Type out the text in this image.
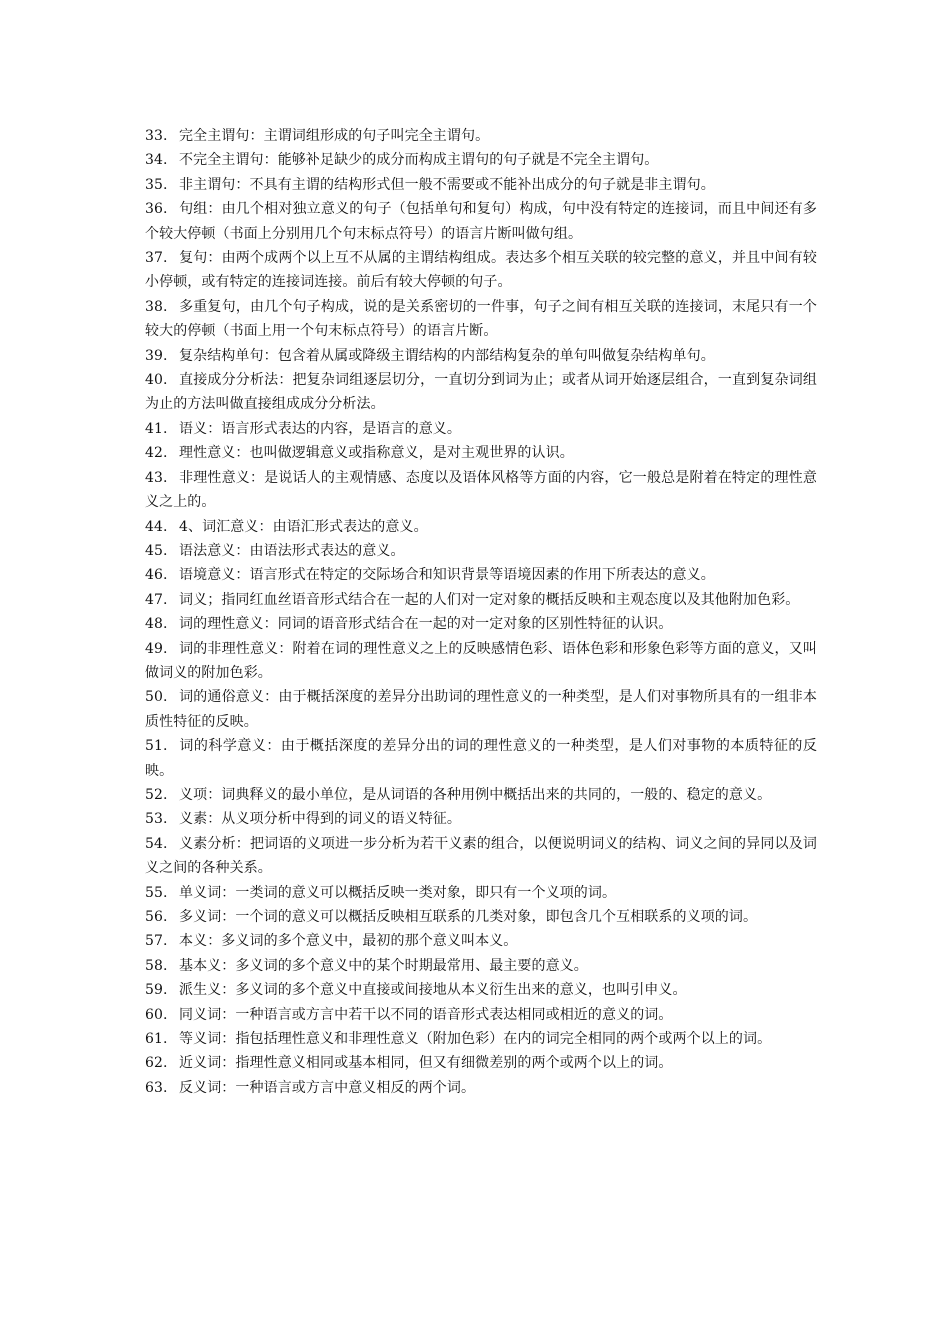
33. 完全主谓句：主谓词组形成的句子叫完全主谓句。

34. 不完全主谓句：能够补足缺少的成分而构成主谓句的句子就是不完全主谓句。

35. 非主谓句：不具有主谓的结构形式但一般不需要或不能补出成分的句子就是非主谓句。

36. 句组：由几个相对独立意义的句子（包括单句和复句）构成，句中没有特定的连接词，而且中间还有多个较大停顿（书面上分别用几个句末标点符号）的语言片断叫做句组。

37. 复句：由两个成两个以上互不从属的主谓结构组成。表达多个相互关联的较完整的意义，并且中间有较小停顿，或有特定的连接词连接。前后有较大停顿的句子。

38. 多重复句，由几个句子构成，说的是关系密切的一件事，句子之间有相互关联的连接词，末尾只有一个较大的停顿（书面上用一个句末标点符号）的语言片断。

39. 复杂结构单句：包含着从属或降级主谓结构的内部结构复杂的单句叫做复杂结构单句。

40. 直接成分分析法：把复杂词组逐层切分，一直切分到词为止；或者从词开始逐层组合，一直到复杂词组为止的方法叫做直接组成成分分析法。

41. 语义：语言形式表达的内容，是语言的意义。

42. 理性意义：也叫做逻辑意义或指称意义，是对主观世界的认识。

43. 非理性意义：是说话人的主观情感、态度以及语体风格等方面的内容，它一般总是附着在特定的理性意义之上的。

44. 4、词汇意义：由语汇形式表达的意义。

45. 语法意义：由语法形式表达的意义。

46. 语境意义：语言形式在特定的交际场合和知识背景等语境因素的作用下所表达的意义。

47. 词义；指同红血丝语音形式结合在一起的人们对一定对象的概括反映和主观态度以及其他附加色彩。

48. 词的理性意义：同词的语音形式结合在一起的对一定对象的区别性特征的认识。

49. 词的非理性意义：附着在词的理性意义之上的反映感情色彩、语体色彩和形象色彩等方面的意义，又叫做词义的附加色彩。

50. 词的通俗意义：由于概括深度的差异分出助词的理性意义的一种类型，是人们对事物所具有的一组非本质性特征的反映。

51. 词的科学意义：由于概括深度的差异分出的词的理性意义的一种类型，是人们对事物的本质特征的反映。

52. 义项：词典释义的最小单位，是从词语的各种用例中概括出来的共同的，一般的、稳定的意义。

53. 义素：从义项分析中得到的词义的语义特征。

54. 义素分析：把词语的义项进一步分析为若干义素的组合，以便说明词义的结构、词义之间的异同以及词义之间的各种关系。

55. 单义词：一类词的意义可以概括反映一类对象，即只有一个义项的词。

56. 多义词：一个词的意义可以概括反映相互联系的几类对象，即包含几个互相联系的义项的词。

57. 本义：多义词的多个意义中，最初的那个意义叫本义。

58. 基本义：多义词的多个意义中的某个时期最常用、最主要的意义。

59. 派生义：多义词的多个意义中直接或间接地从本义衍生出来的意义，也叫引申义。

60. 同义词：一种语言或方言中若干以不同的语音形式表达相同或相近的意义的词。

61. 等义词：指包括理性意义和非理性意义（附加色彩）在内的词完全相同的两个或两个以上的词。

62. 近义词：指理性意义相同或基本相同，但又有细微差别的两个或两个以上的词。

63. 反义词：一种语言或方言中意义相反的两个词。
